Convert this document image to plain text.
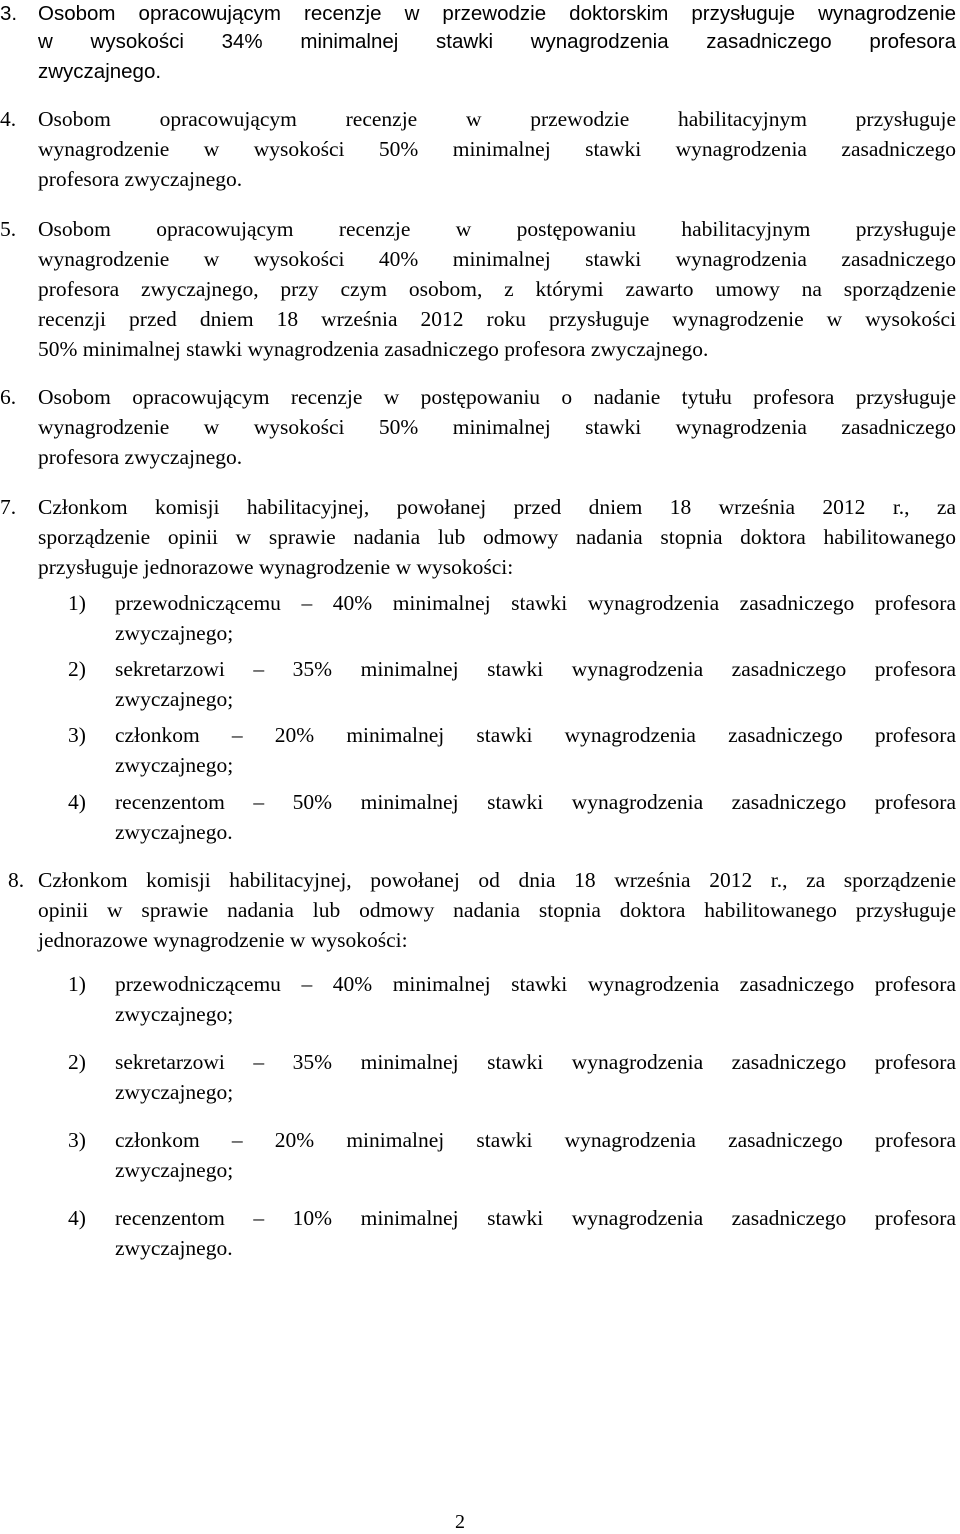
3. Osobom opracowującym recenzje w przewodzie doktorskim przysługuje wynagrodzenie
w wysokości 34% minimalnej stawki wynagrodzenia zasadniczego profesora
zwyczajnego.
4. Osobom opracowującym recenzje w przewodzie habilitacyjnym przysługuje
wynagrodzenie w wysokości 50% minimalnej stawki wynagrodzenia zasadniczego
profesora zwyczajnego.
5. Osobom opracowującym recenzje w postępowaniu habilitacyjnym przysługuje
wynagrodzenie w wysokości 40% minimalnej stawki wynagrodzenia zasadniczego
profesora zwyczajnego, przy czym osobom, z którymi zawarto umowy na sporządzenie
recenzji przed dniem 18 września 2012 roku przysługuje wynagrodzenie w wysokości
50% minimalnej stawki wynagrodzenia zasadniczego profesora zwyczajnego.
6. Osobom opracowującym recenzje w postępowaniu o nadanie tytułu profesora przysługuje
wynagrodzenie w wysokości 50% minimalnej stawki wynagrodzenia zasadniczego
profesora zwyczajnego.
7. Członkom komisji habilitacyjnej, powołanej przed dniem 18 września 2012 r., za
sporządzenie opinii w sprawie nadania lub odmowy nadania stopnia doktora habilitowanego
przysługuje jednorazowe wynagrodzenie w wysokości:
1) przewodniczącemu – 40% minimalnej stawki wynagrodzenia zasadniczego profesora
zwyczajnego;
2) sekretarzowi – 35% minimalnej stawki wynagrodzenia zasadniczego profesora
zwyczajnego;
3) członkom – 20% minimalnej stawki wynagrodzenia zasadniczego profesora
zwyczajnego;
4) recenzentom – 50% minimalnej stawki wynagrodzenia zasadniczego profesora
zwyczajnego.
8. Członkom komisji habilitacyjnej, powołanej od dnia 18 września 2012 r., za sporządzenie
opinii w sprawie nadania lub odmowy nadania stopnia doktora habilitowanego przysługuje
jednorazowe wynagrodzenie w wysokości:
1) przewodniczącemu – 40% minimalnej stawki wynagrodzenia zasadniczego profesora
zwyczajnego;
2) sekretarzowi – 35% minimalnej stawki wynagrodzenia zasadniczego profesora
zwyczajnego;
3) członkom – 20% minimalnej stawki wynagrodzenia zasadniczego profesora
zwyczajnego;
4) recenzentom – 10% minimalnej stawki wynagrodzenia zasadniczego profesora
zwyczajnego.
2
